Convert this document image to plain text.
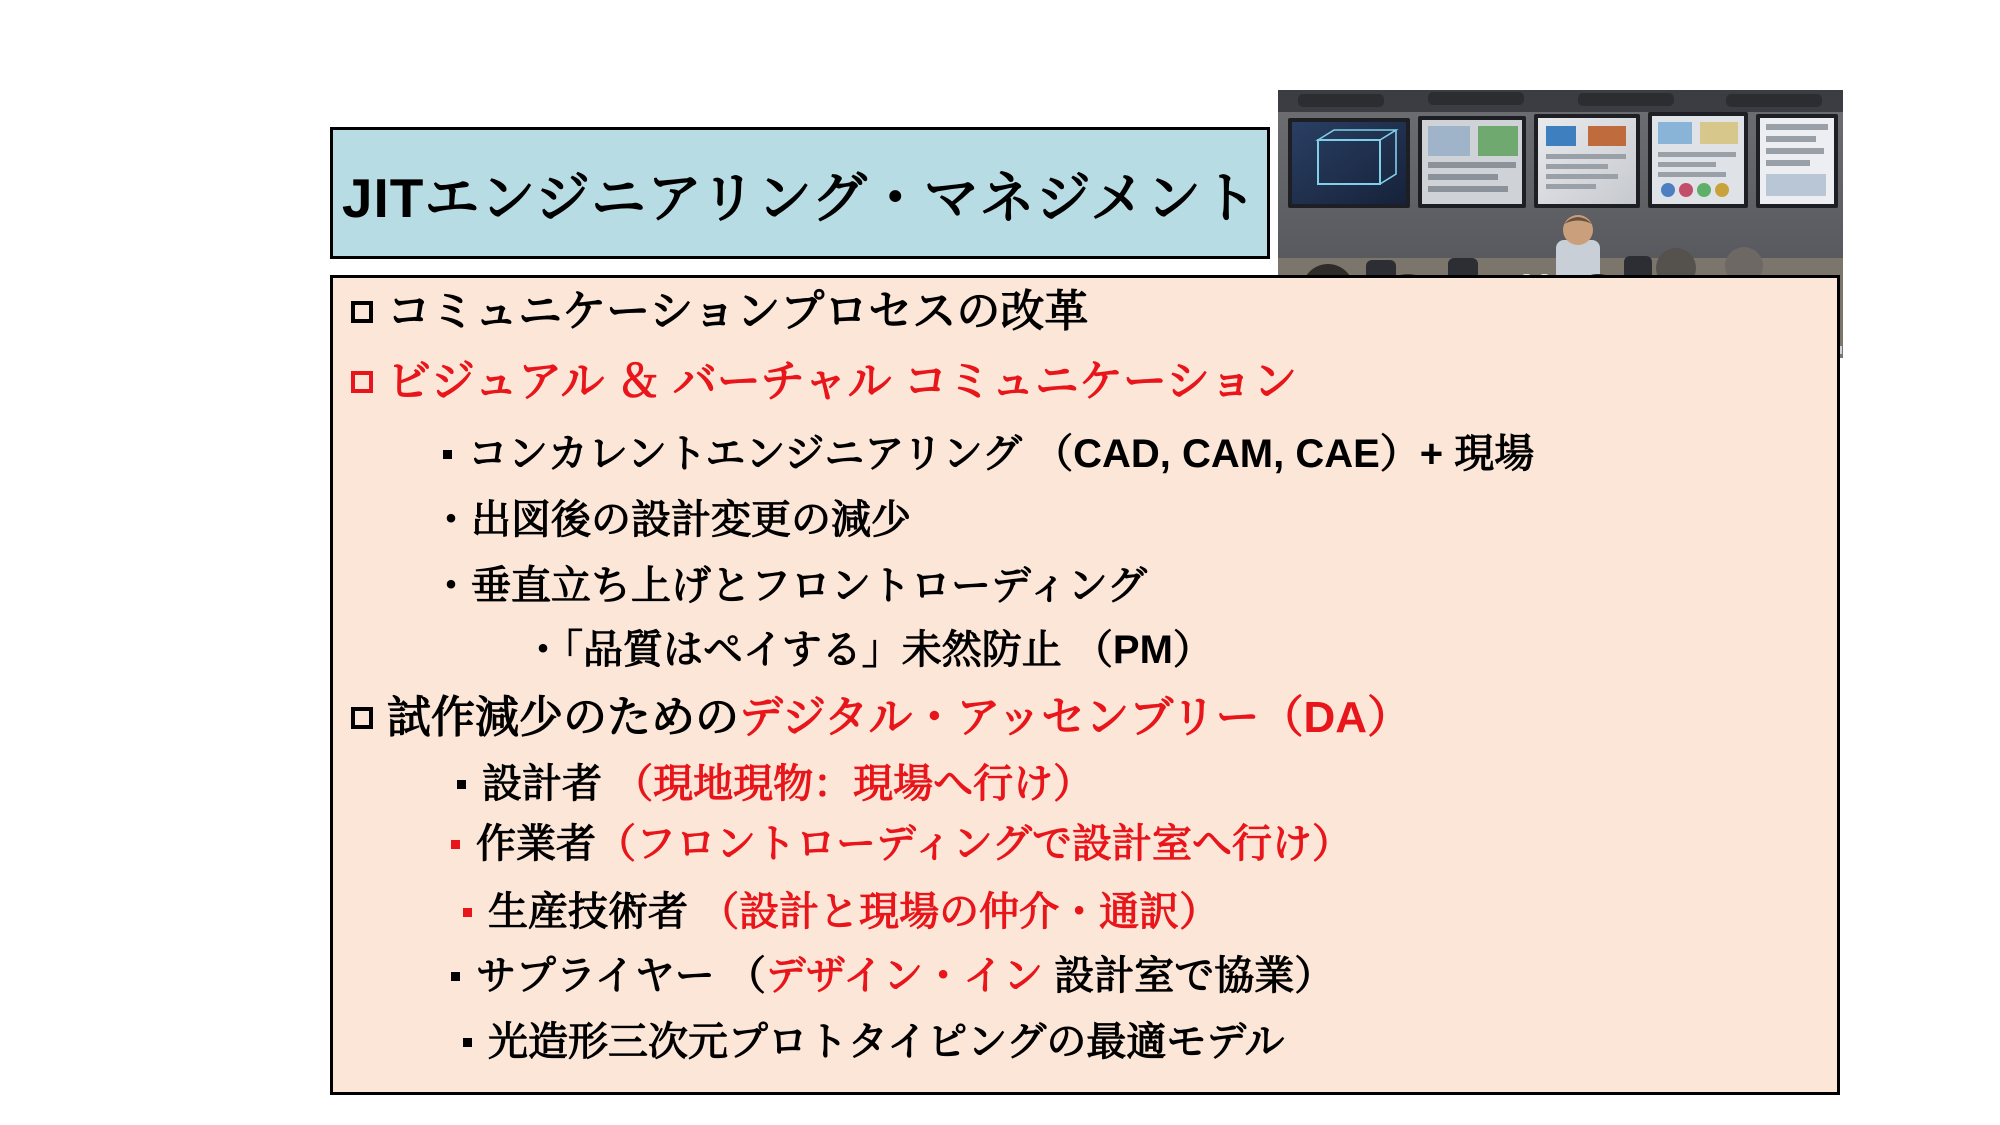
JITエンジニアリング・マネジメント
コミュニケーションプロセスの改革
ビジュアル ＆ バーチャル コミュニケーション
コンカレントエンジニアリング （CAD, CAM, CAE）+ 現場
・出図後の設計変更の減少
・垂直立ち上げとフロントローディング
・「品質はペイする」未然防止 （PM）
試作減少のためのデジタル・アッセンブリー（DA）
設計者 （現地現物：現場へ行け）
作業者（フロントローディングで設計室へ行け）
生産技術者 （設計と現場の仲介・通訳）
サプライヤー （デザイン・イン 設計室で協業）
光造形三次元プロトタイピングの最適モデル
